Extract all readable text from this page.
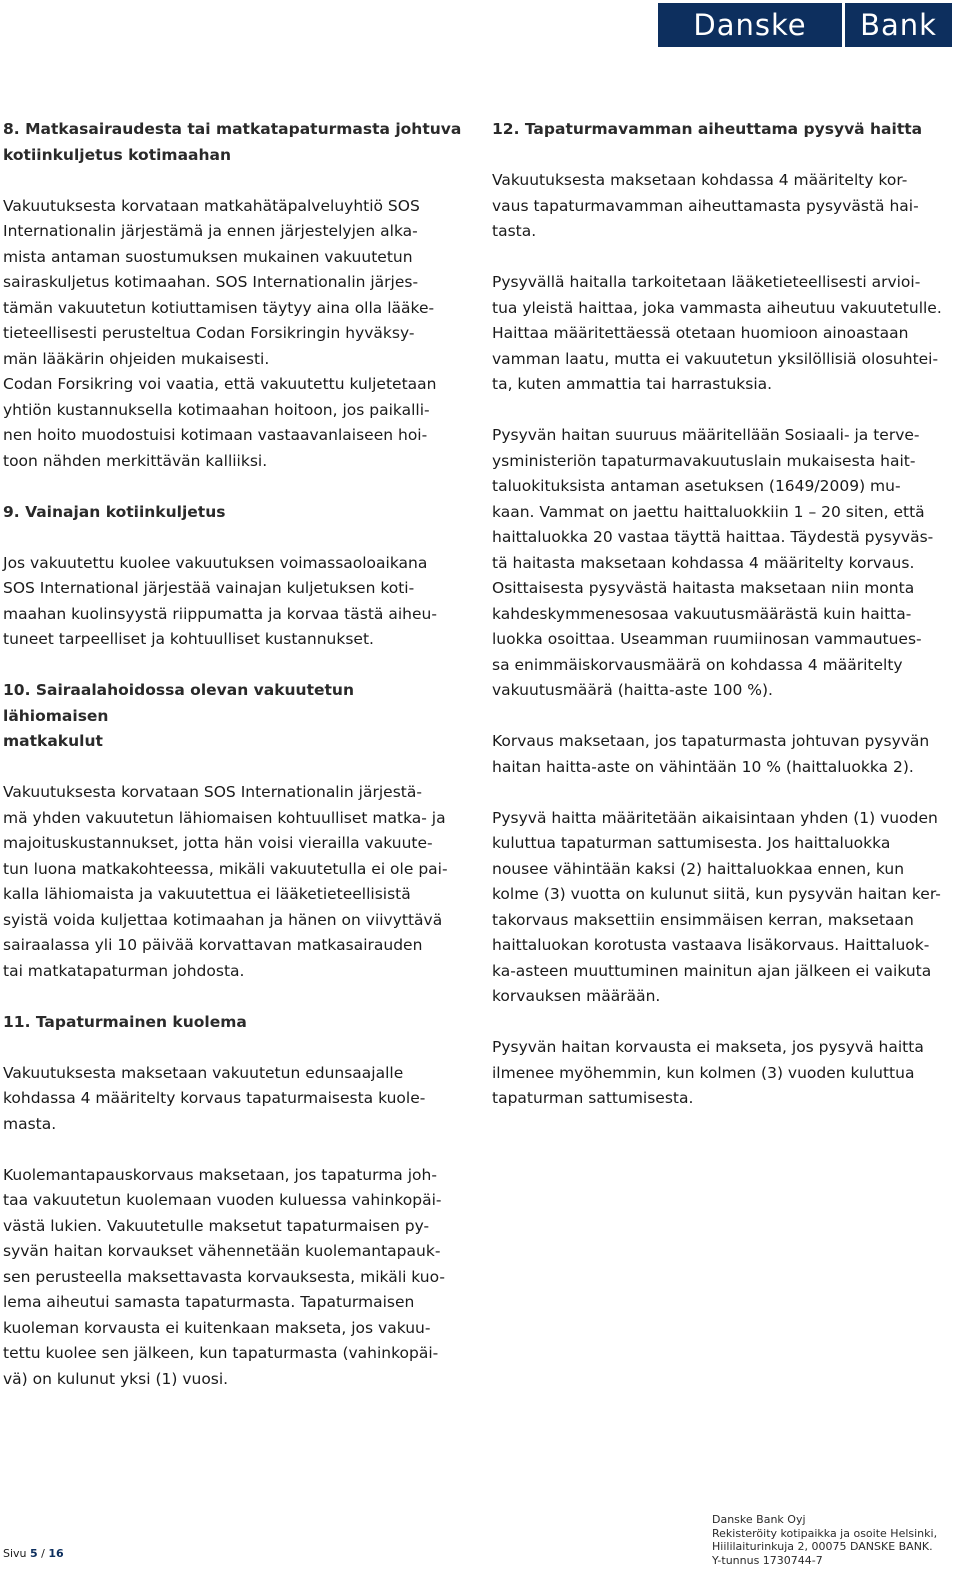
Danske	Bank

8. Matkasairaudesta tai matkatapaturmasta johtuva
kotiinkuljetus kotimaahan

Vakuutuksesta korvataan matkahätäpalveluyhtiö SOS
Internationalin järjestämä ja ennen järjestelyjen alka-
mista antaman suostumuksen mukainen vakuutetun
sairaskuljetus kotimaahan. SOS Internationalin järjes-
tämän vakuutetun kotiuttamisen täytyy aina olla lääke-
tieteellisesti perusteltua Codan Forsikringin hyväksy-
män lääkärin ohjeiden mukaisesti.
Codan Forsikring voi vaatia, että vakuutettu kuljetetaan
yhtiön kustannuksella kotimaahan hoitoon, jos paikalli-
nen hoito muodostuisi kotimaan vastaavanlaiseen hoi-
toon nähden merkittävän kalliiksi.

9. Vainajan kotiinkuljetus

Jos vakuutettu kuolee vakuutuksen voimassaoloaikana
SOS International järjestää vainajan kuljetuksen koti-
maahan kuolinsyystä riippumatta ja korvaa tästä aiheu-
tuneet tarpeelliset ja kohtuulliset kustannukset.

10. Sairaalahoidossa olevan vakuutetun lähiomaisen
matkakulut

Vakuutuksesta korvataan SOS Internationalin järjestä-
mä yhden vakuutetun lähiomaisen kohtuulliset matka- ja
majoituskustannukset, jotta hän voisi vierailla vakuute-
tun luona matkakohteessa, mikäli vakuutetulla ei ole pai-
kalla lähiomaista ja vakuutettua ei lääketieteellisistä
syistä voida kuljettaa kotimaahan ja hänen on viivyttävä
sairaalassa yli 10 päivää korvattavan matkasairauden
tai matkatapaturman johdosta.

11. Tapaturmainen kuolema

Vakuutuksesta maksetaan vakuutetun edunsaajalle
kohdassa 4 määritelty korvaus tapaturmaisesta kuole-
masta.

Kuolemantapauskorvaus maksetaan, jos tapaturma joh-
taa vakuutetun kuolemaan vuoden kuluessa vahinkopäi-
västä lukien. Vakuutetulle maksetut tapaturmaisen py-
syvän haitan korvaukset vähennetään kuolemantapauk-
sen perusteella maksettavasta korvauksesta, mikäli kuo-
lema aiheutui samasta tapaturmasta. Tapaturmaisen
kuoleman korvausta ei kuitenkaan makseta, jos vakuu-
tettu kuolee sen jälkeen, kun tapaturmasta (vahinkopäi-
vä) on kulunut yksi (1) vuosi.

12. Tapaturmavamman aiheuttama pysyvä haitta

Vakuutuksesta maksetaan kohdassa 4 määritelty kor-
vaus tapaturmavamman aiheuttamasta pysyvästä hai-
tasta.

Pysyvällä haitalla tarkoitetaan lääketieteellisesti arvioi-
tua yleistä haittaa, joka vammasta aiheutuu vakuutetulle.
Haittaa määritettäessä otetaan huomioon ainoastaan
vamman laatu, mutta ei vakuutetun yksilöllisiä olosuhtei-
ta, kuten ammattia tai harrastuksia.

Pysyvän haitan suuruus määritellään Sosiaali- ja terve-
ysministeriön tapaturmavakuutuslain mukaisesta hait-
taluokituksista antaman asetuksen (1649/2009) mu-
kaan. Vammat on jaettu haittaluokkiin 1 – 20 siten, että
haittaluokka 20 vastaa täyttä haittaa. Täydestä pysyväs-
tä haitasta maksetaan kohdassa 4 määritelty korvaus.
Osittaisesta pysyvästä haitasta maksetaan niin monta
kahdeskymmenesosaa vakuutusmäärästä kuin haitta-
luokka osoittaa. Useamman ruumiinosan vammautues-
sa enimmäiskorvausmäärä on kohdassa 4 määritelty
vakuutusmäärä (haitta-aste 100 %).

Korvaus maksetaan, jos tapaturmasta johtuvan pysyvän
haitan haitta-aste on vähintään 10 % (haittaluokka 2).

Pysyvä haitta määritetään aikaisintaan yhden (1) vuoden
kuluttua tapaturman sattumisesta. Jos haittaluokka
nousee vähintään kaksi (2) haittaluokkaa ennen, kun
kolme (3) vuotta on kulunut siitä, kun pysyvän haitan ker-
takorvaus maksettiin ensimmäisen kerran, maksetaan
haittaluokan korotusta vastaava lisäkorvaus. Haittaluok-
ka-asteen muuttuminen mainitun ajan jälkeen ei vaikuta
korvauksen määrään.

Pysyvän haitan korvausta ei makseta, jos pysyvä haitta
ilmenee myöhemmin, kun kolmen (3) vuoden kuluttua
tapaturman sattumisesta.

Sivu 5 / 16
Danske Bank Oyj
Rekisteröity kotipaikka ja osoite Helsinki,
Hiililaiturinkuja 2, 00075 DANSKE BANK.
Y-tunnus 1730744-7
